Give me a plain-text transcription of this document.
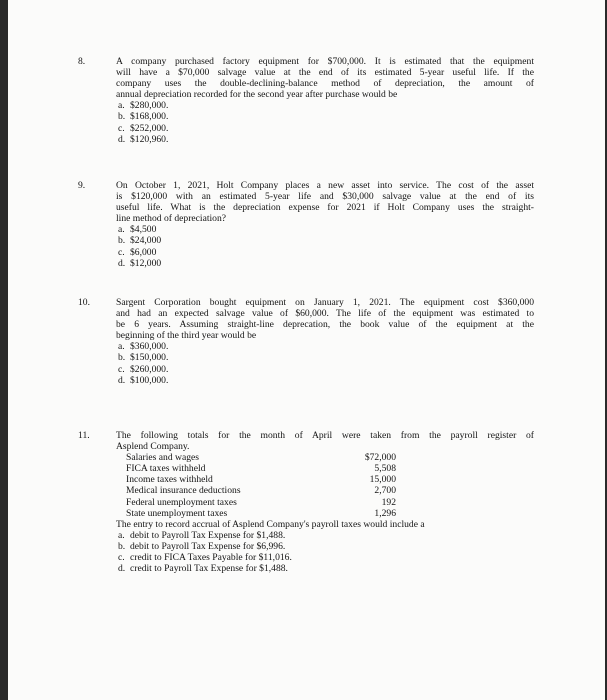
8.	A company purchased factory equipment for $700,000. It is estimated that the equipment
will have a $70,000 salvage value at the end of its estimated 5-year useful life. If the
company uses the double-declining-balance method of depreciation, the amount of
annual depreciation recorded for the second year after purchase would be

a. $280,000.

b. $168,000.

c. $252,000.

d. $120,960.

9.	On October 1, 2021, Holt Company places a new asset into service. The cost of the asset
is $120,000 with an estimated 5-year life and $30,000 salvage value at the end of its
useful life. What is the depreciation expense for 2021 if Holt Company uses the straight-
line method of depreciation?

a. $4,500

b. $24,000

c. $6,000

d. $12,000

10.	Sargent Corporation bought equipment on January 1, 2021. The equipment cost $360,000
and had an expected salvage value of $60,000. The life of the equipment was estimated to
be 6 years. Assuming straight-line deprecation, the book value of the equipment at the
beginning of the third year would be

a. $360,000.

b. $150,000.

c. $260,000.

d. $100,000.

11.	The following totals for the month of April were taken from the payroll register of
Asplend Company.

Salaries and wages	$72,000
FICA taxes withheld	5,508
Income taxes withheld	15,000
Medical insurance deductions	2,700
Federal unemployment taxes	192
State unemployment taxes	1,296

The entry to record accrual of Asplend Company's payroll taxes would include a

a. debit to Payroll Tax Expense for $1,488.

b. debit to Payroll Tax Expense for $6,996.

c. credit to FICA Taxes Payable for $11,016.

d. credit to Payroll Tax Expense for $1,488.
